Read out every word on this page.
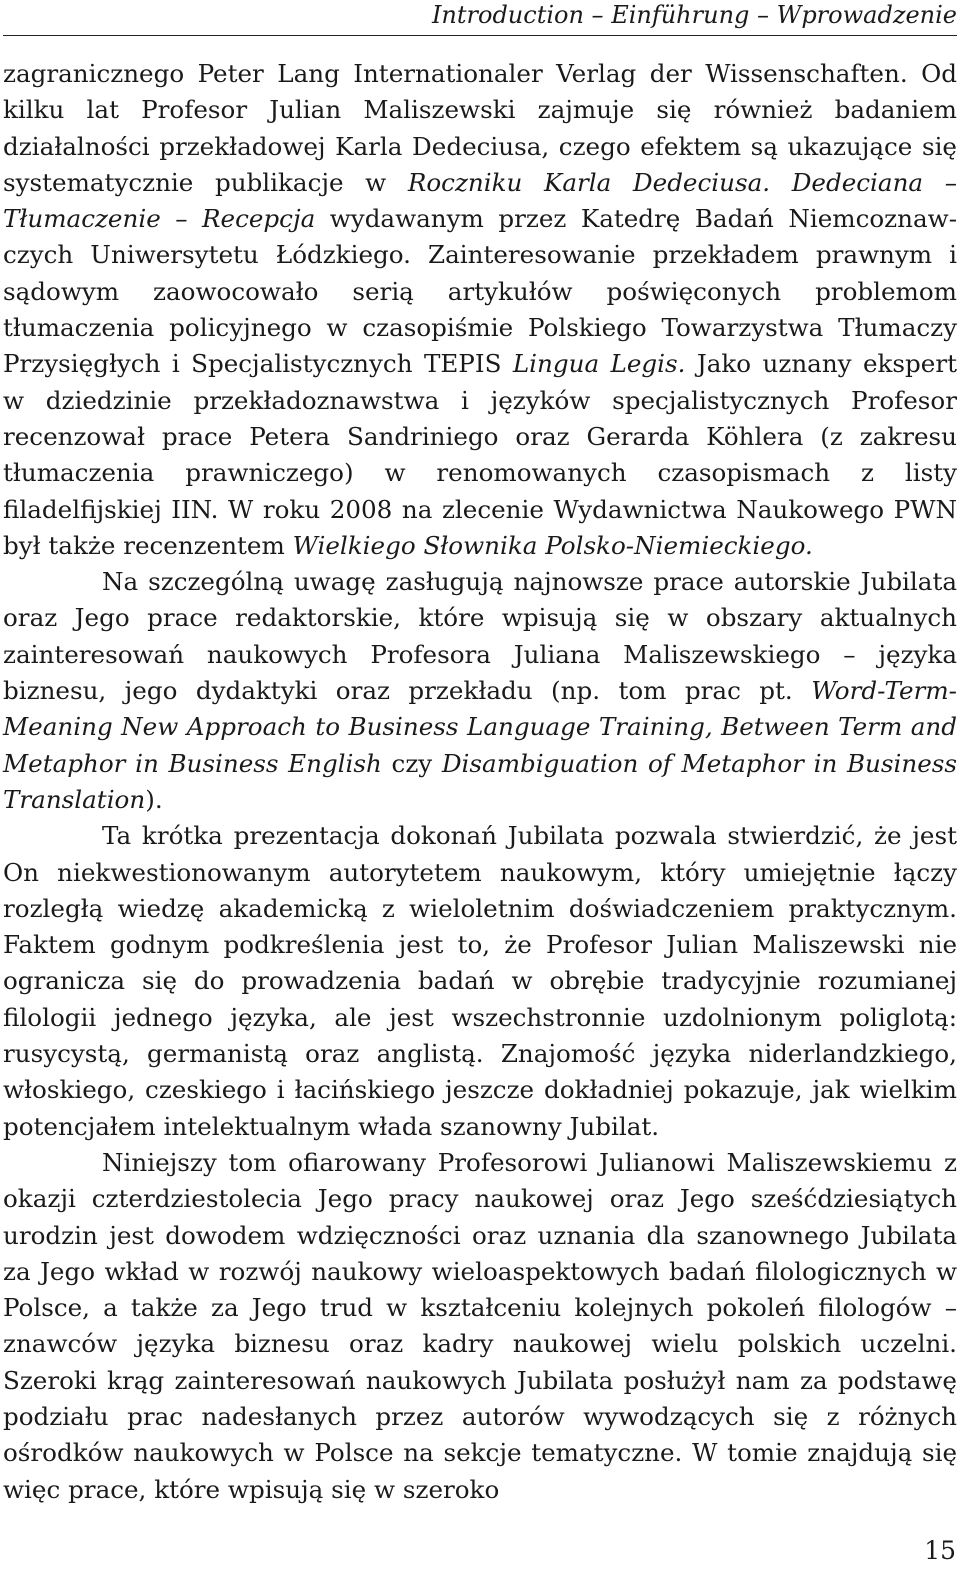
Introduction – Einführung – Wprowadzenie

zagranicznego Peter Lang Internationaler Verlag der Wissenschaften. Od kilku lat Profesor Julian Maliszewski zajmuje się również badaniem działalności przekładowej Karla Dedeciusa, czego efektem są ukazujące się systematycznie publikacje w Roczniku Karla Dedeciusa. Dedeciana – Tłumaczenie – Recepcja wydawanym przez Katedrę Badań Niemcoznawczych Uniwersytetu Łódzkiego. Zainteresowanie przekładem prawnym i sądowym zaowocowało serią artykułów poświęconych problemom tłumaczenia policyjnego w czasopiśmie Polskiego Towarzystwa Tłumaczy Przysięgłych i Specjalistycznych TEPIS Lingua Legis. Jako uznany ekspert w dziedzinie przekładoznawstwa i języków specjalistycznych Profesor recenzował prace Petera Sandriniego oraz Gerarda Köhlera (z zakresu tłumaczenia prawniczego) w renomowanych czasopismach z listy filadelfijskiej IIN. W roku 2008 na zlecenie Wydawnictwa Naukowego PWN był także recenzentem Wielkiego Słownika Polsko-Niemieckiego.

Na szczególną uwagę zasługują najnowsze prace autorskie Jubilata oraz Jego prace redaktorskie, które wpisują się w obszary aktualnych zainteresowań naukowych Profesora Juliana Maliszewskiego – języka biznesu, jego dydaktyki oraz przekładu (np. tom prac pt. Word-Term-Meaning New Approach to Business Language Training, Between Term and Metaphor in Business English czy Disambiguation of Metaphor in Business Translation).

Ta krótka prezentacja dokonań Jubilata pozwala stwierdzić, że jest On niekwestionowanym autorytetem naukowym, który umiejętnie łączy rozległą wiedzę akademicką z wieloletnim doświadczeniem praktycznym. Faktem godnym podkreślenia jest to, że Profesor Julian Maliszewski nie ogranicza się do prowadzenia badań w obrębie tradycyjnie rozumianej filologii jednego języka, ale jest wszechstronnie uzdolnionym poliglotą: rusycystą, germanistą oraz anglistą. Znajomość języka niderlandzkiego, włoskiego, czeskiego i łacińskiego jeszcze dokładniej pokazuje, jak wielkim potencjałem intelektualnym włada szanowny Jubilat.

Niniejszy tom ofiarowany Profesorowi Julianowi Maliszewskiemu z okazji czterdziestolecia Jego pracy naukowej oraz Jego sześćdziesiątych urodzin jest dowodem wdzięczności oraz uznania dla szanownego Jubilata za Jego wkład w rozwój naukowy wieloaspektowych badań filologicznych w Polsce, a także za Jego trud w kształceniu kolejnych pokoleń filologów – znawców języka biznesu oraz kadry naukowej wielu polskich uczelni. Szeroki krąg zainteresowań naukowych Jubilata posłużył nam za podstawę podziału prac nadesłanych przez autorów wywodzących się z różnych ośrodków naukowych w Polsce na sekcje tematyczne. W tomie znajdują się więc prace, które wpisują się w szeroko

15
